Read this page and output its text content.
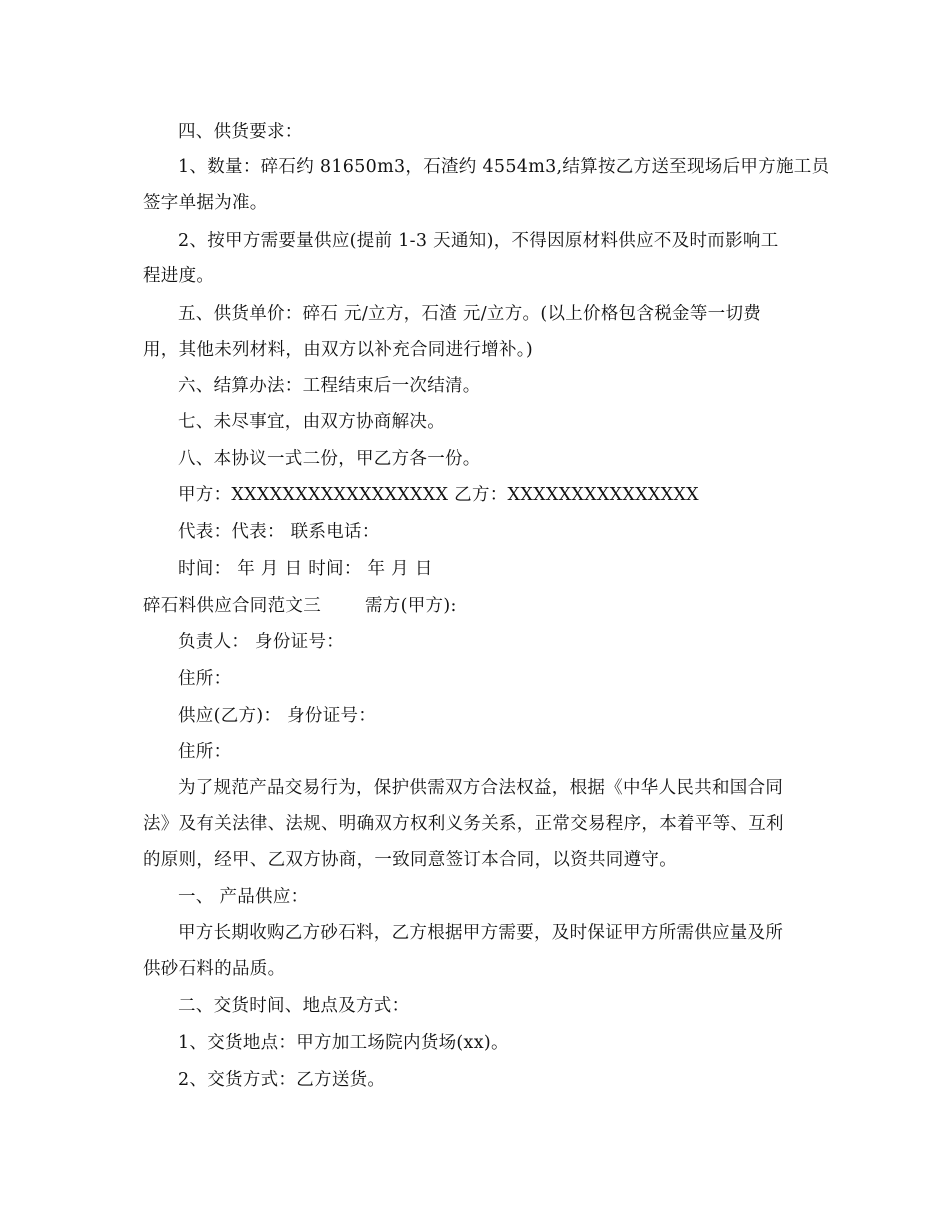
四、供货要求：
1、数量：碎石约 81650m3，石渣约 4554m3,结算按乙方送至现场后甲方施工员
签字单据为准。
2、按甲方需要量供应(提前 1-3 天通知)，不得因原材料供应不及时而影响工
程进度。
五、供货单价：碎石 元/立方，石渣 元/立方。(以上价格包含税金等一切费
用，其他未列材料，由双方以补充合同进行增补。)
六、结算办法：工程结束后一次结清。
七、未尽事宜，由双方协商解决。
八、本协议一式二份，甲乙方各一份。
甲方：XXXXXXXXXXXXXXXXX 乙方：XXXXXXXXXXXXXXX
代表：代表： 联系电话：
时间： 年 月 日 时间： 年 月 日
碎石料供应合同范文三	需方(甲方):
负责人： 身份证号：
住所：
供应(乙方)： 身份证号：
住所：
为了规范产品交易行为，保护供需双方合法权益，根据《中华人民共和国合同
法》及有关法律、法规、明确双方权利义务关系，正常交易程序，本着平等、互利
的原则，经甲、乙双方协商，一致同意签订本合同，以资共同遵守。
一、 产品供应：
甲方长期收购乙方砂石料，乙方根据甲方需要，及时保证甲方所需供应量及所
供砂石料的品质。
二、交货时间、地点及方式：
1、交货地点：甲方加工场院内货场(xx)。
2、交货方式：乙方送货。
